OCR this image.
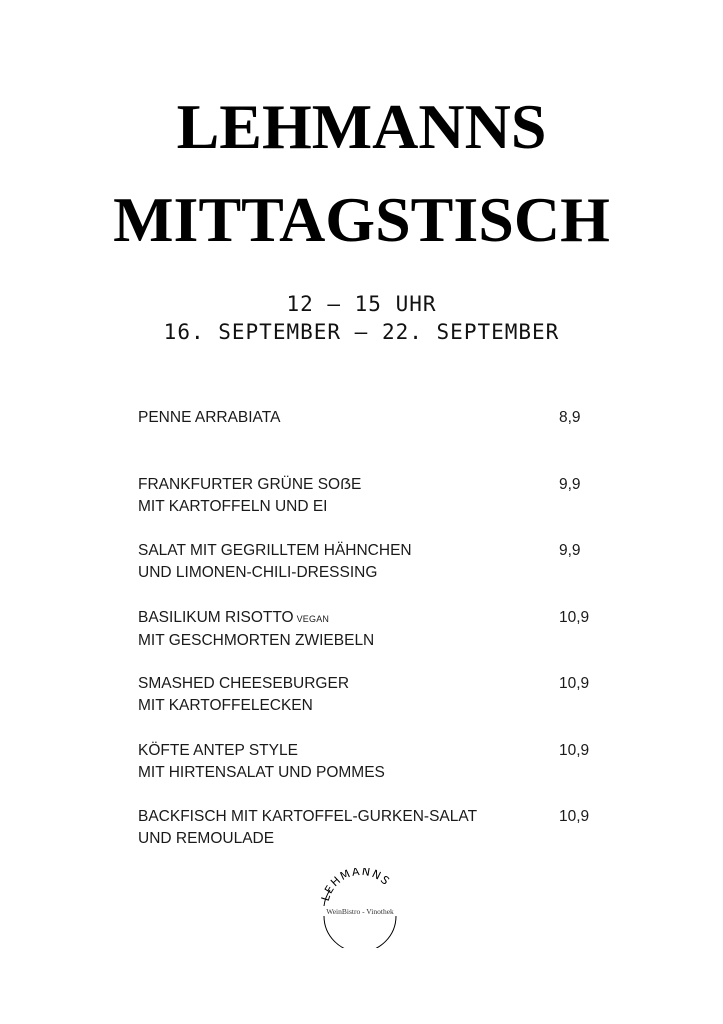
LEHMANNS
MITTAGSTISCH
12 – 15 UHR
16. SEPTEMBER – 22. SEPTEMBER
PENNE ARRABIATA	8,9
FRANKFURTER GRÜNE SOẞE
MIT KARTOFFELN UND EI
9,9
SALAT MIT GEGRILLTEM HÄHNCHEN
UND LIMONEN-CHILI-DRESSING
9,9
BASILIKUM RISOTTO VEGAN
MIT GESCHMORTEN ZWIEBELN
10,9
SMASHED CHEESEBURGER
MIT KARTOFFELECKEN
10,9
KÖFTE ANTEP STYLE
MIT HIRTENSALAT UND POMMES
10,9
BACKFISCH MIT KARTOFFEL-GURKEN-SALAT
UND REMOULADE
10,9
LEHMANNS
WeinBistro - Vinothek
